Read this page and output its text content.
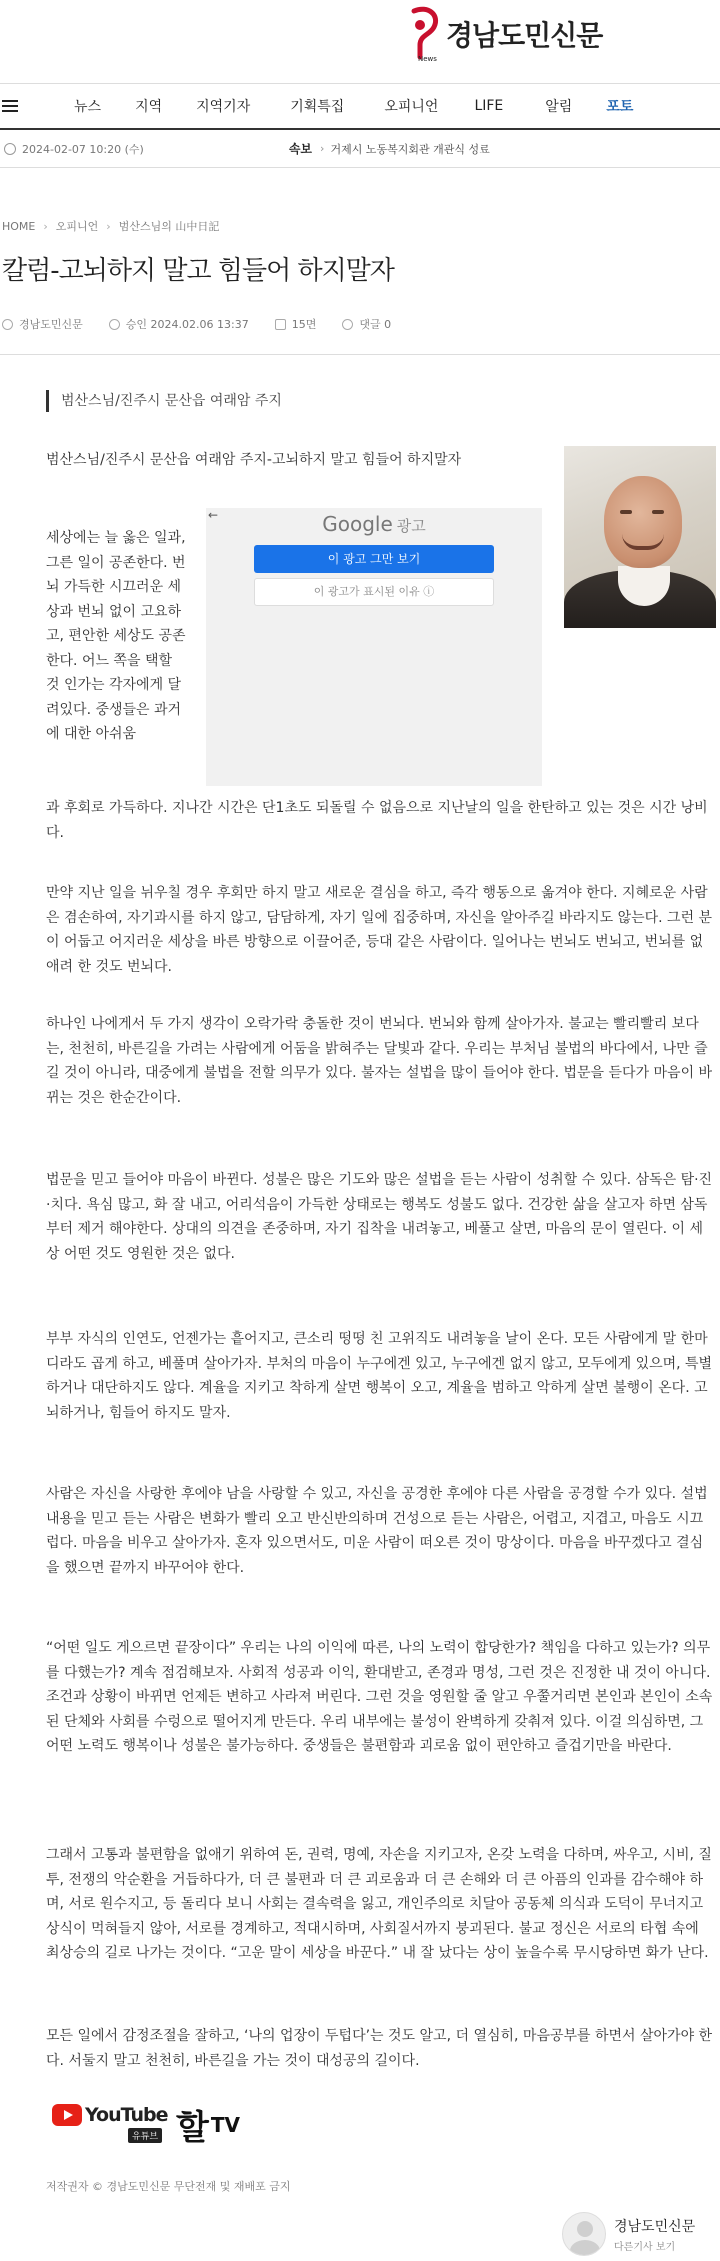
News
경남도민신문
뉴스 지역 지역기자	기획특집	오피니언	LIFE	알림 포토
2024-02-07 10:20 (수)	속보 › 거제시 노동복지회관 개관식 성료
HOME › 오피니언 › 범산스님의 山中日記
칼럼-고뇌하지 말고 힘들어 하지말자
경남도민신문	승인 2024.02.06 13:37	15면	댓글 0
범산스님/진주시 문산읍 여래암 주지
범산스님/진주시 문산읍 여래암 주지-고뇌하지 말고 힘들어 하지말자
←	Google 광고
이 광고 그만 보기
이 광고가 표시된 이유 ⓘ
세상에는 늘 옳은 일과, 그른 일이 공존한다. 번뇌 가득한 시끄러운 세상과 번뇌 없이 고요하고, 편안한 세상도 공존한다. 어느 쪽을 택할 것 인가는 각자에게 달려있다. 중생들은 과거에 대한 아쉬움
과 후회로 가득하다. 지나간 시간은 단1초도 되돌릴 수 없음으로 지난날의 일을 한탄하고 있는 것은 시간 낭비다.
만약 지난 일을 뉘우칠 경우 후회만 하지 말고 새로운 결심을 하고, 즉각 행동으로 옮겨야 한다. 지혜로운 사람은 겸손하여, 자기과시를 하지 않고, 담담하게, 자기 일에 집중하며, 자신을 알아주길 바라지도 않는다. 그런 분이 어둡고 어지러운 세상을 바른 방향으로 이끌어준, 등대 같은 사람이다. 일어나는 번뇌도 번뇌고, 번뇌를 없애려 한 것도 번뇌다.
하나인 나에게서 두 가지 생각이 오락가락 충돌한 것이 번뇌다. 번뇌와 함께 살아가자. 불교는 빨리빨리 보다는, 천천히, 바른길을 가려는 사람에게 어둠을 밝혀주는 달빛과 같다. 우리는 부처님 불법의 바다에서, 나만 즐길 것이 아니라, 대중에게 불법을 전할 의무가 있다. 불자는 설법을 많이 들어야 한다. 법문을 듣다가 마음이 바뀌는 것은 한순간이다.
법문을 믿고 들어야 마음이 바뀐다. 성불은 많은 기도와 많은 설법을 듣는 사람이 성취할 수 있다. 삼독은 탐·진·치다. 욕심 많고, 화 잘 내고, 어리석음이 가득한 상태로는 행복도 성불도 없다. 건강한 삶을 살고자 하면 삼독부터 제거 해야한다. 상대의 의견을 존중하며, 자기 집착을 내려놓고, 베풀고 살면, 마음의 문이 열린다. 이 세상 어떤 것도 영원한 것은 없다.
부부 자식의 인연도, 언젠가는 흩어지고, 큰소리 떵떵 친 고위직도 내려놓을 날이 온다. 모든 사람에게 말 한마디라도 곱게 하고, 베풀며 살아가자. 부처의 마음이 누구에겐 있고, 누구에겐 없지 않고, 모두에게 있으며, 특별하거나 대단하지도 않다. 계율을 지키고 착하게 살면 행복이 오고, 계율을 범하고 악하게 살면 불행이 온다. 고뇌하거나, 힘들어 하지도 말자.
사람은 자신을 사랑한 후에야 남을 사랑할 수 있고, 자신을 공경한 후에야 다른 사람을 공경할 수가 있다. 설법내용을 믿고 듣는 사람은 변화가 빨리 오고 반신반의하며 건성으로 듣는 사람은, 어렵고, 지겹고, 마음도 시끄럽다. 마음을 비우고 살아가자. 혼자 있으면서도, 미운 사람이 떠오른 것이 망상이다. 마음을 바꾸겠다고 결심을 했으면 끝까지 바꾸어야 한다.
“어떤 일도 게으르면 끝장이다” 우리는 나의 이익에 따른, 나의 노력이 합당한가? 책임을 다하고 있는가? 의무를 다했는가? 계속 점검해보자. 사회적 성공과 이익, 환대받고, 존경과 명성, 그런 것은 진정한 내 것이 아니다. 조건과 상황이 바뀌면 언제든 변하고 사라져 버린다. 그런 것을 영원할 줄 알고 우쭐거리면 본인과 본인이 소속된 단체와 사회를 수렁으로 떨어지게 만든다. 우리 내부에는 불성이 완벽하게 갖춰져 있다. 이걸 의심하면, 그 어떤 노력도 행복이나 성불은 불가능하다. 중생들은 불편함과 괴로움 없이 편안하고 즐겁기만을 바란다.
그래서 고통과 불편함을 없애기 위하여 돈, 권력, 명예, 자손을 지키고자, 온갖 노력을 다하며, 싸우고, 시비, 질투, 전쟁의 악순환을 거듭하다가, 더 큰 불편과 더 큰 괴로움과 더 큰 손해와 더 큰 아픔의 인과를 감수해야 하며, 서로 원수지고, 등 돌리다 보니 사회는 결속력을 잃고, 개인주의로 치달아 공동체 의식과 도덕이 무너지고 상식이 먹혀들지 않아, 서로를 경계하고, 적대시하며, 사회질서까지 붕괴된다. 불교 정신은 서로의 타협 속에 최상승의 길로 나가는 것이다. “고운 말이 세상을 바꾼다.” 내 잘 났다는 상이 높을수록 무시당하면 화가 난다.
모든 일에서 감정조절을 잘하고, ‘나의 업장이 두텁다’는 것도 알고, 더 열심히, 마음공부를 하면서 살아가야 한다. 서둘지 말고 천천히, 바른길을 가는 것이 대성공의 길이다.
YouTube
유튜브 할 TV
저작권자 © 경남도민신문 무단전재 및 재배포 금지
경남도민신문
다른기사 보기
